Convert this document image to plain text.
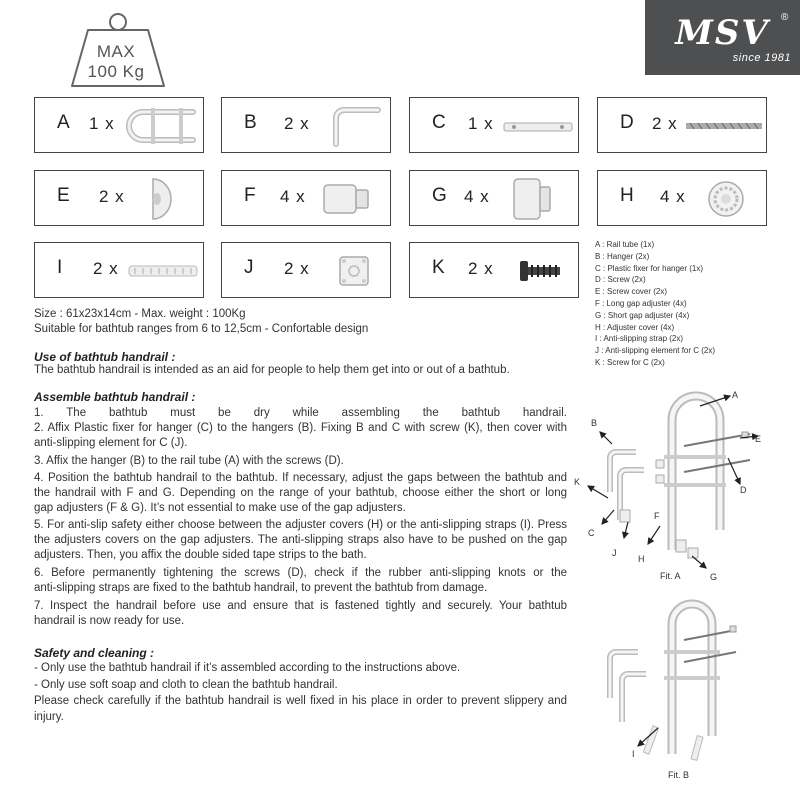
MAX
100 Kg
MSV	®
since 1981
A 1 x	B 2 x	C 1 x	D 2 x
E 2 x	F 4 x	G 4 x	H 4 x
I 2 x	J 2 x	K 2 x
A : Rail tube (1x)
B : Hanger (2x)
C : Plastic fixer for hanger (1x)
D : Screw (2x)
E : Screw cover (2x)
F : Long gap adjuster (4x)
G : Short gap adjuster (4x)
H : Adjuster cover (4x)
I : Anti-slipping strap (2x)
J : Anti-slipping element for C (2x)
K : Screw for C (2x)
Size : 61x23x14cm - Max. weight : 100Kg
Suitable for bathtub ranges from 6 to 12,5cm - Confortable design
Use of bathtub handrail :
The bathtub handrail is intended as an aid for people to help them get into or out of a bathtub.
Assemble bathtub handrail :
1. The bathtub must be dry while assembling the bathtub handrail.
2. Affix Plastic fixer for hanger (C) to the hangers (B). Fixing B and C with screw (K), then cover with
anti-slipping element for C (J).
3. Affix the hanger (B) to the rail tube (A) with the screws (D).
4. Position the bathtub handrail to the bathtub. If necessary, adjust the gaps between the bathtub and
the handrail with F and G. Depending on the range of your bathtub, choose either the short or long
gap adjusters (F & G). It’s not essential to make use of the gap adjusters.
5. For anti-slip safety either choose between the adjuster covers (H) or the anti-slipping straps (I). Press
the adjusters covers on the gap adjusters. The anti-slipping straps also have to be pushed on the gap
adjusters. Then, you affix the double sided tape strips to the bath.
6. Before permanently tightening the screws (D), check if the rubber anti-slipping knots or the
anti-slipping straps are fixed to the bathtub handrail, to prevent the bathtub from damage.
7. Inspect the handrail before use and ensure that is fastened tightly and securely. Your bathtub
handrail is now ready for use.
Safety and cleaning :
- Only use the bathtub handrail if it’s assembled according to the instructions above.
- Only use soft soap and cloth to clean the bathtub handrail.
Please check carefully if the bathtub handrail is well fixed in his place in order to prevent slippery and
injury.
A
B
E
D
K
C
J
F
H
G
Fit. A
I
Fit. B
